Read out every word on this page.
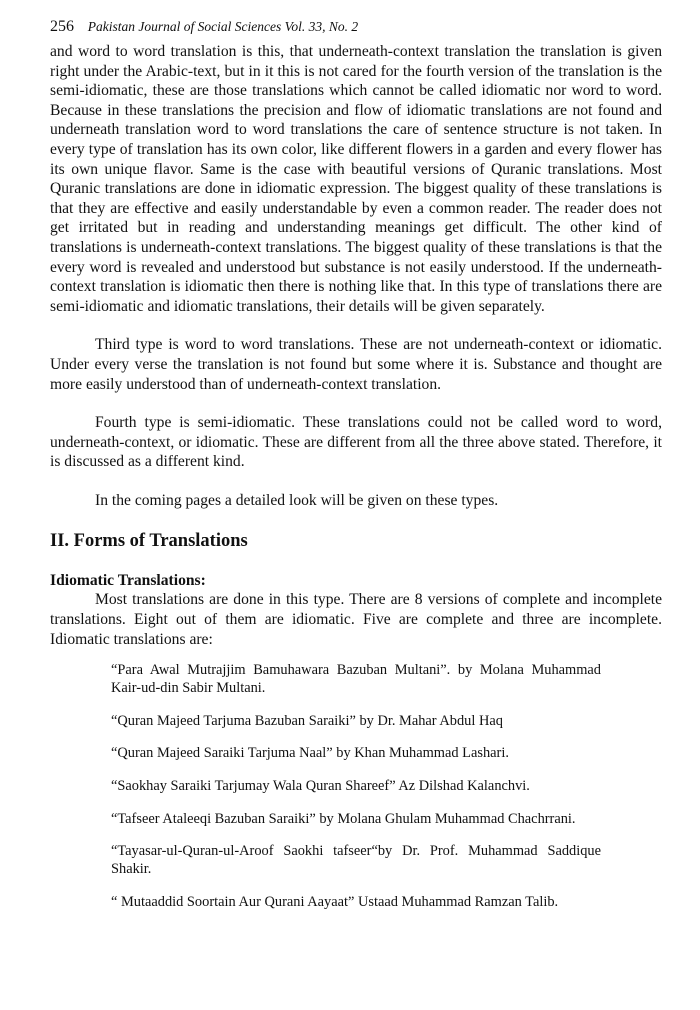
256 Pakistan Journal of Social Sciences Vol. 33, No. 2

and word to word translation is this, that underneath-context translation the translation is given right under the Arabic-text, but in it this is not cared for the fourth version of the translation is the semi-idiomatic, these are those translations which cannot be called idiomatic nor word to word. Because in these translations the precision and flow of idiomatic translations are not found and underneath translation word to word translations the care of sentence structure is not taken. In every type of translation has its own color, like different flowers in a garden and every flower has its own unique flavor. Same is the case with beautiful versions of Quranic translations. Most Quranic translations are done in idiomatic expression. The biggest quality of these translations is that they are effective and easily understandable by even a common reader. The reader does not get irritated but in reading and understanding meanings get difficult. The other kind of translations is underneath-context translations. The biggest quality of these translations is that the every word is revealed and understood but substance is not easily understood. If the underneath-context translation is idiomatic then there is nothing like that. In this type of translations there are semi-idiomatic and idiomatic translations, their details will be given separately.

Third type is word to word translations. These are not underneath-context or idiomatic. Under every verse the translation is not found but some where it is. Substance and thought are more easily understood than of underneath-context translation.

Fourth type is semi-idiomatic. These translations could not be called word to word, underneath-context, or idiomatic. These are different from all the three above stated. Therefore, it is discussed as a different kind.

In the coming pages a detailed look will be given on these types.

II. Forms of Translations
Idiomatic Translations:

Most translations are done in this type. There are 8 versions of complete and incomplete translations. Eight out of them are idiomatic. Five are complete and three are incomplete. Idiomatic translations are:

“Para Awal Mutrajjim Bamuhawara Bazuban Multani”. by Molana Muhammad Kair-ud-din Sabir Multani.
“Quran Majeed Tarjuma Bazuban Saraiki” by Dr. Mahar Abdul Haq
“Quran Majeed Saraiki Tarjuma Naal” by Khan Muhammad Lashari.
“Saokhay Saraiki Tarjumay Wala Quran Shareef” Az Dilshad Kalanchvi.
“Tafseer Ataleeqi Bazuban Saraiki” by Molana Ghulam Muhammad Chachrrani.
“Tayasar-ul-Quran-ul-Aroof Saokhi tafseer“by Dr. Prof. Muhammad Saddique Shakir.
“ Mutaaddid Soortain Aur Qurani Aayaat” Ustaad Muhammad Ramzan Talib.
